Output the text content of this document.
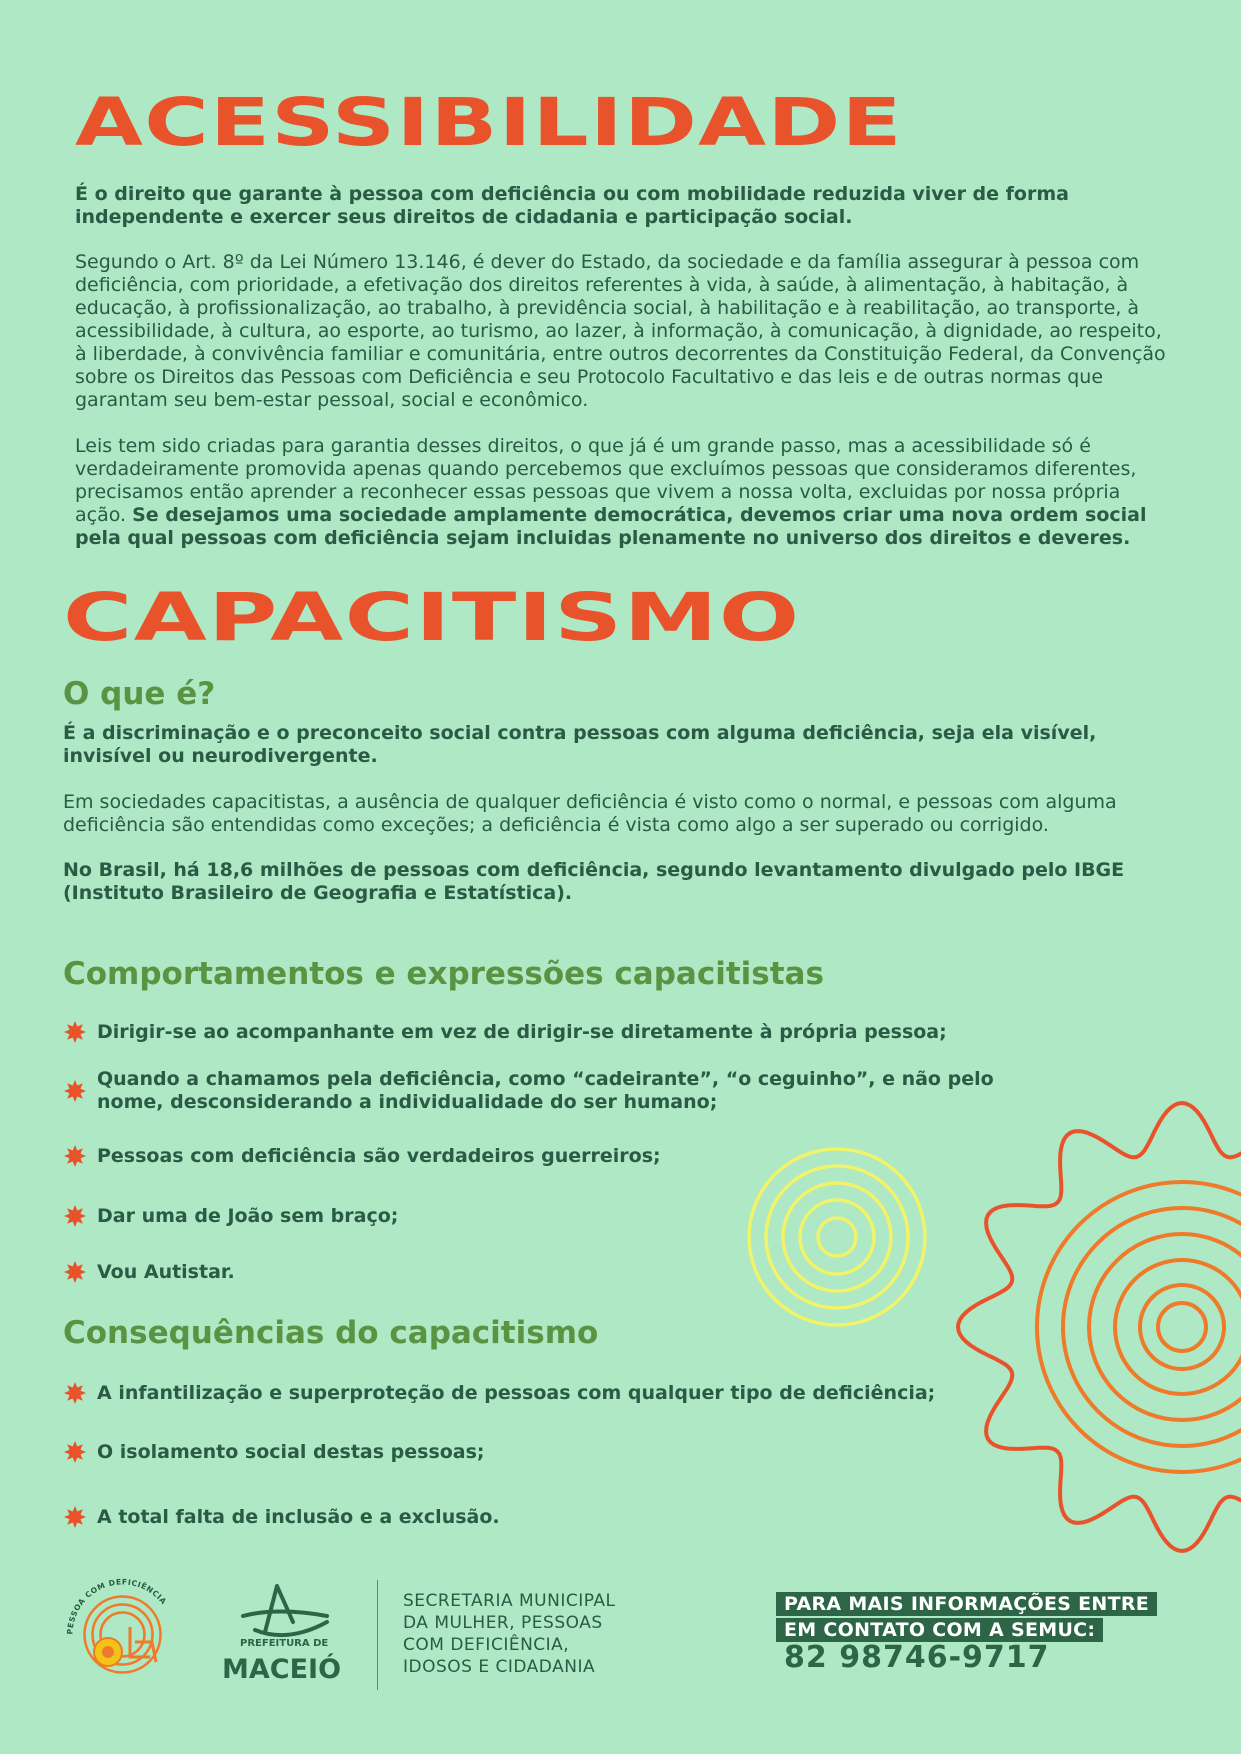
ACESSIBILIDADE

É o direito que garante à pessoa com deficiência ou com mobilidade reduzida viver de forma independente e exercer seus direitos de cidadania e participação social.

Segundo o Art. 8º da Lei Número 13.146, é dever do Estado, da sociedade e da família assegurar à pessoa com deficiência, com prioridade, a efetivação dos direitos referentes à vida, à saúde, à alimentação, à habitação, à educação, à profissionalização, ao trabalho, à previdência social, à habilitação e à reabilitação, ao transporte, à acessibilidade, à cultura, ao esporte, ao turismo, ao lazer, à informação, à comunicação, à dignidade, ao respeito, à liberdade, à convivência familiar e comunitária, entre outros decorrentes da Constituição Federal, da Convenção sobre os Direitos das Pessoas com Deficiência e seu Protocolo Facultativo e das leis e de outras normas que garantam seu bem-estar pessoal, social e econômico.

Leis tem sido criadas para garantia desses direitos, o que já é um grande passo, mas a acessibilidade só é verdadeiramente promovida apenas quando percebemos que excluímos pessoas que consideramos diferentes, precisamos então aprender a reconhecer essas pessoas que vivem a nossa volta, excluidas por nossa própria ação. Se desejamos uma sociedade amplamente democrática, devemos criar uma nova ordem social pela qual pessoas com deficiência sejam incluidas plenamente no universo dos direitos e deveres.

CAPACITISMO
O que é?

É a discriminação e o preconceito social contra pessoas com alguma deficiência, seja ela visível, invisível ou neurodivergente.

Em sociedades capacitistas, a ausência de qualquer deficiência é visto como o normal, e pessoas com alguma deficiência são entendidas como exceções; a deficiência é vista como algo a ser superado ou corrigido.

No Brasil, há 18,6 milhões de pessoas com deficiência, segundo levantamento divulgado pelo IBGE (Instituto Brasileiro de Geografia e Estatística).

Comportamentos e expressões capacitistas
Dirigir-se ao acompanhante em vez de dirigir-se diretamente à própria pessoa;
Quando a chamamos pela deficiência, como “cadeirante”, “o ceguinho”, e não pelo nome, desconsiderando a individualidade do ser humano;
Pessoas com deficiência são verdadeiros guerreiros;
Dar uma de João sem braço;
Vou Autistar.
Consequências do capacitismo
A infantilização e superproteção de pessoas com qualquer tipo de deficiência;
O isolamento social destas pessoas;
A total falta de inclusão e a exclusão.
PESSOA COM DEFICIÊNCIA

PREFEITURA DE

MACEIÓ

SECRETARIA MUNICIPAL
DA MULHER, PESSOAS
COM DEFICIÊNCIA,
IDOSOS E CIDADANIA
PARA MAIS INFORMAÇÕES ENTRE
EM CONTATO COM A SEMUC:

82 98746-9717
